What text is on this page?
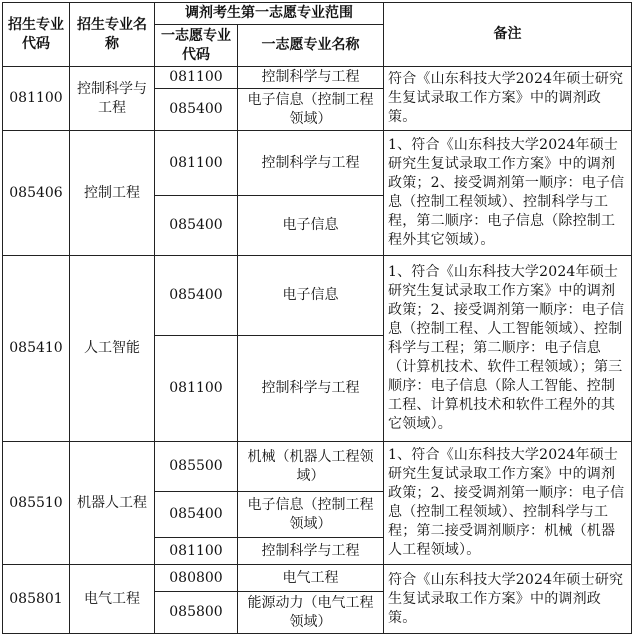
招生专业代码	招生专业名称	调剂考生第一志愿专业范围		备注
		一志愿专业代码	一志愿专业名称	
081100	控制科学与工程	081100	控制科学与工程	符合《山东科技大学2024年硕士研究生复试录取工作方案》中的调剂政策。
		085400	电子信息（控制工程领域）	
085406	控制工程	081100	控制科学与工程	1、符合《山东科技大学2024年硕士研究生复试录取工作方案》中的调剂政策；2、接受调剂第一顺序：电子信息（控制工程领域）、控制科学与工程，第二顺序：电子信息（除控制工程外其它领域）。
		085400	电子信息	
085410	人工智能	085400	电子信息	1、符合《山东科技大学2024年硕士研究生复试录取工作方案》中的调剂政策；2、接受调剂第一顺序：电子信息（控制工程、人工智能领域）、控制科学与工程；第二顺序：电子信息（计算机技术、软件工程领域）；第三顺序：电子信息（除人工智能、控制工程、计算机技术和软件工程外的其它领域）。
		081100	控制科学与工程	
085510	机器人工程	085500	机械（机器人工程领域）	1、符合《山东科技大学2024年硕士研究生复试录取工作方案》中的调剂政策；2、接受调剂第一顺序：电子信息（控制工程领域）、控制科学与工程；第二接受调剂顺序：机械（机器人工程领域）。
		085400	电子信息（控制工程领域）	
		081100	控制科学与工程	
085801	电气工程	080800	电气工程	符合《山东科技大学2024年硕士研究生复试录取工作方案》中的调剂政策。
		085800	能源动力（电气工程领域）	
